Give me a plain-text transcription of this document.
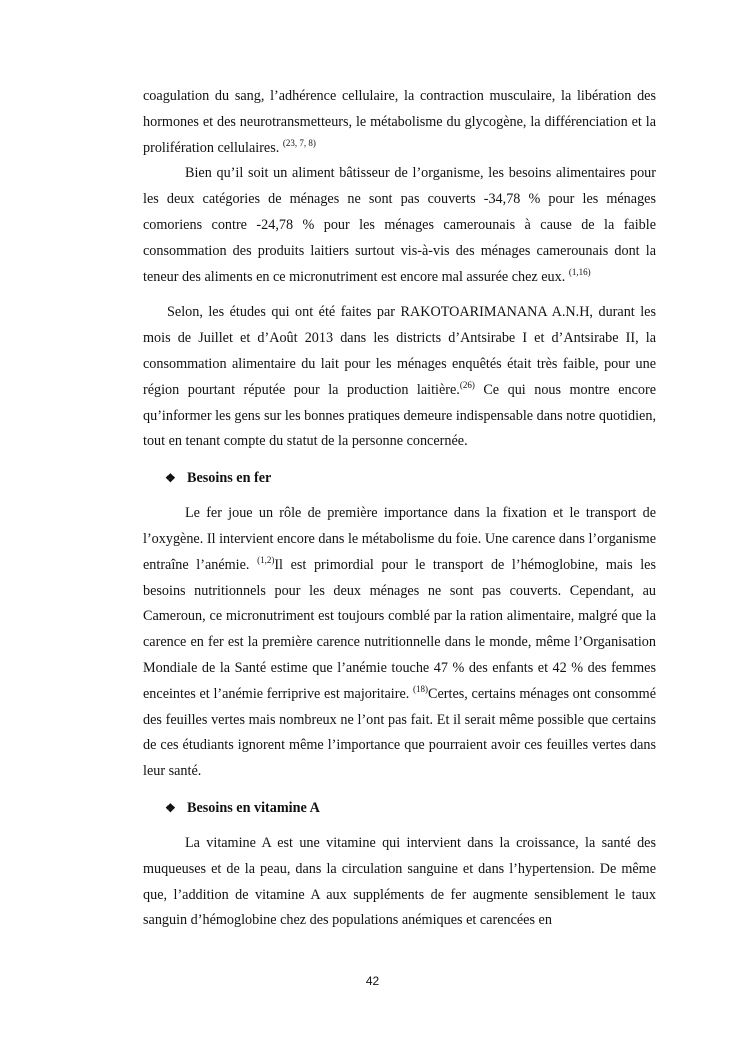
coagulation du sang, l’adhérence cellulaire, la contraction musculaire, la libération des hormones et des neurotransmetteurs, le métabolisme du glycogène, la différenciation et la prolifération cellulaires. $^{(23, 7, 8)}$

Bien qu’il soit un aliment bâtisseur de l’organisme, les besoins alimentaires pour les deux catégories de ménages ne sont pas couverts -34,78 % pour les ménages comoriens contre -24,78 % pour les ménages camerounais à cause de la faible consommation des produits laitiers surtout vis-à-vis des ménages camerounais dont la teneur des aliments en ce micronutriment est encore mal assurée chez eux. $^{(1,16)}$

Selon, les études qui ont été faites par RAKOTOARIMANANA A.N.H, durant les mois de Juillet et d’Août 2013 dans les districts d’Antsirabe I et d’Antsirabe II, la consommation alimentaire du lait pour les ménages enquêtés était très faible, pour une région pourtant réputée pour la production laitière.$^{(26)}$ Ce qui nous montre encore qu’informer les gens sur les bonnes pratiques demeure indispensable dans notre quotidien, tout en tenant compte du statut de la personne concernée.

❖ Besoins en fer

Le fer joue un rôle de première importance dans la fixation et le transport de l’oxygène. Il intervient encore dans le métabolisme du foie. Une carence dans l’organisme entraîne l’anémie. $^{(1,2)}$Il est primordial pour le transport de l’hémoglobine, mais les besoins nutritionnels pour les deux ménages ne sont pas couverts. Cependant, au Cameroun, ce micronutriment est toujours comblé par la ration alimentaire, malgré que la carence en fer est la première carence nutritionnelle dans le monde, même l’Organisation Mondiale de la Santé estime que l’anémie touche 47 % des enfants et 42 % des femmes enceintes et l’anémie ferriprive est majoritaire. $^{(18)}$Certes, certains ménages ont consommé des feuilles vertes mais nombreux ne l’ont pas fait. Et il serait même possible que certains de ces étudiants ignorent même l’importance que pourraient avoir ces feuilles vertes dans leur santé.

❖ Besoins en vitamine A

La vitamine A est une vitamine qui intervient dans la croissance, la santé des muqueuses et de la peau, dans la circulation sanguine et dans l’hypertension. De même que, l’addition de vitamine A aux suppléments de fer augmente sensiblement le taux sanguin d’hémoglobine chez des populations anémiques et carencées en

42
